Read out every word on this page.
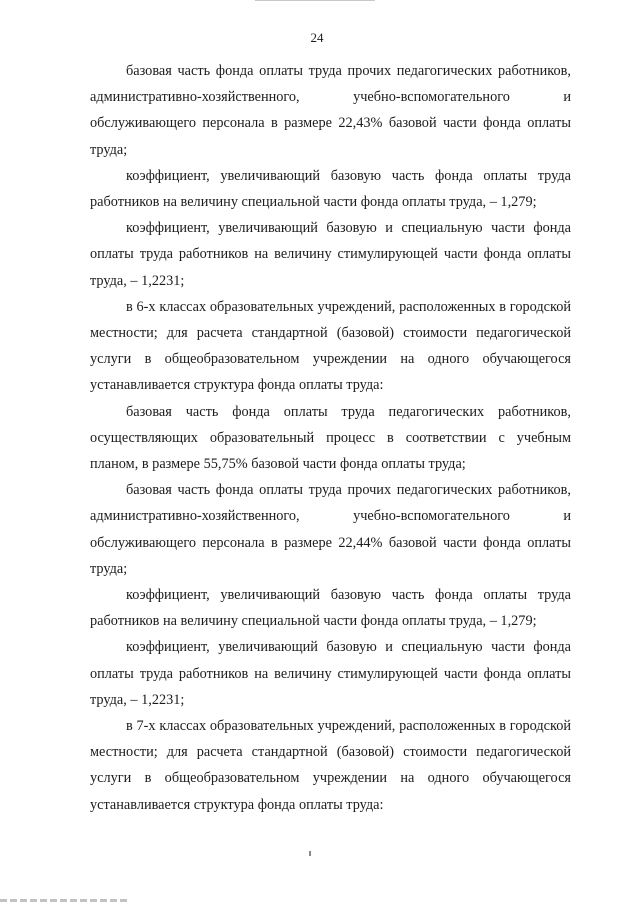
24

базовая часть фонда оплаты труда прочих педагогических работников, административно-хозяйственного, учебно-вспомогательного и обслуживающего персонала в размере 22,43% базовой части фонда оплаты труда;

коэффициент, увеличивающий базовую часть фонда оплаты труда работников на величину специальной части фонда оплаты труда, – 1,279;

коэффициент, увеличивающий базовую и специальную части фонда оплаты труда работников на величину стимулирующей части фонда оплаты труда, – 1,2231;

в 6-х классах образовательных учреждений, расположенных в городской местности; для расчета стандартной (базовой) стоимости педагогической услуги в общеобразовательном учреждении на одного обучающегося устанавливается структура фонда оплаты труда:

базовая часть фонда оплаты труда педагогических работников, осуществляющих образовательный процесс в соответствии с учебным планом, в размере 55,75% базовой части фонда оплаты труда;

базовая часть фонда оплаты труда прочих педагогических работников, административно-хозяйственного, учебно-вспомогательного и обслуживающего персонала в размере 22,44% базовой части фонда оплаты труда;

коэффициент, увеличивающий базовую часть фонда оплаты труда работников на величину специальной части фонда оплаты труда, – 1,279;

коэффициент, увеличивающий базовую и специальную части фонда оплаты труда работников на величину стимулирующей части фонда оплаты труда, – 1,2231;

в 7-х классах образовательных учреждений, расположенных в городской местности; для расчета стандартной (базовой) стоимости педагогической услуги в общеобразовательном учреждении на одного обучающегося устанавливается структура фонда оплаты труда:
